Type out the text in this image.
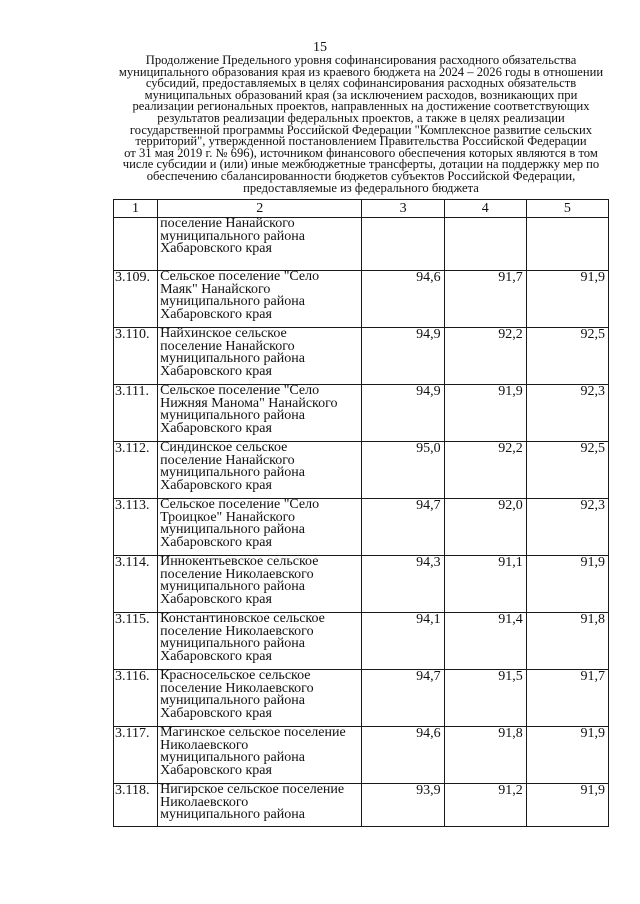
15
Продолжение Предельного уровня софинансирования расходного обязательства
муниципального образования края из краевого бюджета на 2024 – 2026 годы в отношении
субсидий, предоставляемых в целях софинансирования расходных обязательств
муниципальных образований края (за исключением расходов, возникающих при
реализации региональных проектов, направленных на достижение соответствующих
результатов реализации федеральных проектов, а также в целях реализации
государственной программы Российской Федерации "Комплексное развитие сельских
территорий", утвержденной постановлением Правительства Российской Федерации
от 31 мая 2019 г. № 696), источником финансового обеспечения которых являются в том
числе субсидии и (или) иные межбюджетные трансферты, дотации на поддержку мер по
обеспечению сбалансированности бюджетов субъектов Российской Федерации,
предоставляемые из федерального бюджета
1	2	3	4	5

	поселение Нанайского
муниципального района
Хабаровского края			

3.109.	Сельское поселение "Село
Маяк" Нанайского
муниципального района
Хабаровского края	94,6	91,7	91,9
3.110.	Найхинское сельское
поселение Нанайского
муниципального района
Хабаровского края	94,9	92,2	92,5
3.111.	Сельское поселение "Село
Нижняя Манома" Нанайского
муниципального района
Хабаровского края	94,9	91,9	92,3
3.112.	Синдинское сельское
поселение Нанайского
муниципального района
Хабаровского края	95,0	92,2	92,5
3.113.	Сельское поселение "Село
Троицкое" Нанайского
муниципального района
Хабаровского края	94,7	92,0	92,3
3.114.	Иннокентьевское сельское
поселение Николаевского
муниципального района
Хабаровского края	94,3	91,1	91,9
3.115.	Константиновское сельское
поселение Николаевского
муниципального района
Хабаровского края	94,1	91,4	91,8
3.116.	Красносельское сельское
поселение Николаевского
муниципального района
Хабаровского края	94,7	91,5	91,7
3.117.	Магинское сельское поселение
Николаевского
муниципального района
Хабаровского края	94,6	91,8	91,9
3.118.	Нигирское сельское поселение
Николаевского
муниципального района	93,9	91,2	91,9
